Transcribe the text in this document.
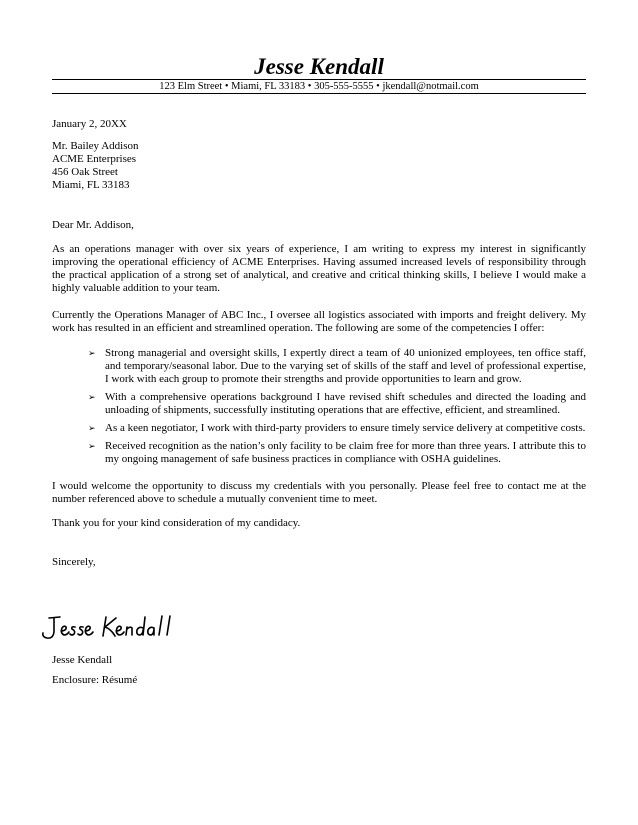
Jesse Kendall
123 Elm Street • Miami, FL 33183 • 305-555-5555 • jkendall@notmail.com
January 2, 20XX
Mr. Bailey Addison
ACME Enterprises
456 Oak Street
Miami, FL 33183
Dear Mr. Addison,
As an operations manager with over six years of experience, I am writing to express my interest in significantly improving the operational efficiency of ACME Enterprises. Having assumed increased levels of responsibility through the practical application of a strong set of analytical, and creative and critical thinking skills, I believe I would make a highly valuable addition to your team.
Currently the Operations Manager of ABC Inc., I oversee all logistics associated with imports and freight delivery. My work has resulted in an efficient and streamlined operation. The following are some of the competencies I offer:
➢ Strong managerial and oversight skills, I expertly direct a team of 40 unionized employees, ten office staff, and temporary/seasonal labor. Due to the varying set of skills of the staff and level of professional expertise, I work with each group to promote their strengths and provide opportunities to learn and grow.
➢ With a comprehensive operations background I have revised shift schedules and directed the loading and unloading of shipments, successfully instituting operations that are effective, efficient, and streamlined.
➢ As a keen negotiator, I work with third-party providers to ensure timely service delivery at competitive costs.
➢ Received recognition as the nation’s only facility to be claim free for more than three years. I attribute this to my ongoing management of safe business practices in compliance with OSHA guidelines.
I would welcome the opportunity to discuss my credentials with you personally. Please feel free to contact me at the number referenced above to schedule a mutually convenient time to meet.
Thank you for your kind consideration of my candidacy.
Sincerely,
Jesse Kendall
Jesse Kendall
Enclosure: Résumé
